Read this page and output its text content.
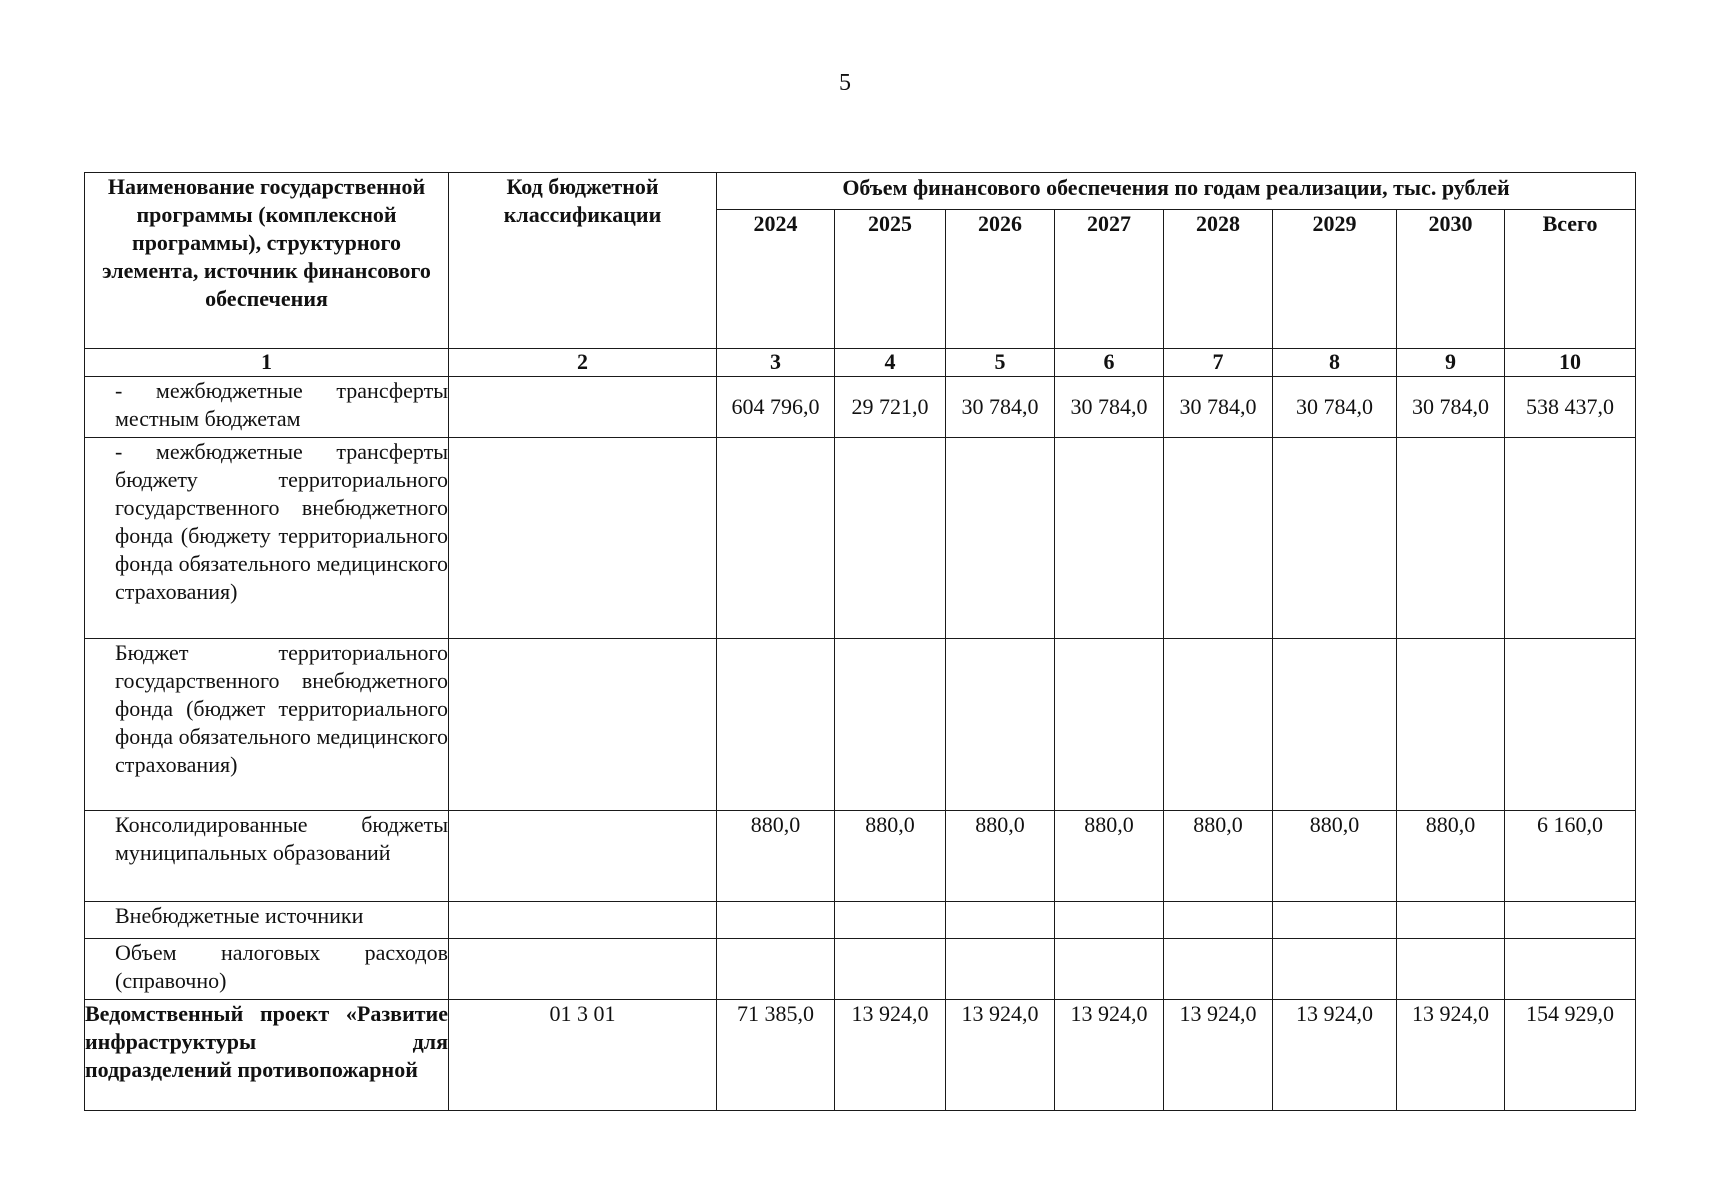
5
Наименование государственной программы (комплексной программы), структурного элемента, источник финансового обеспечения	Код бюджетной классификации	Объем финансового обеспечения по годам реализации, тыс. рублей							
		2024	2025	2026	2027	2028	2029	2030	Всего
1	2	3	4	5	6	7	8	9	10

- межбюджетные трансферты местным бюджетам		604 796,0	29 721,0	30 784,0	30 784,0	30 784,0	30 784,0	30 784,0	538 437,0

- межбюджетные трансферты бюджету территориального государственного внебюджетного фонда (бюджету территориального фонда обязательного медицинского страхования)									

Бюджет территориального государственного внебюджетного фонда (бюджет территориального фонда обязательного медицинского страхования)									

Консолидированные бюджеты муниципальных образований		880,0	880,0	880,0	880,0	880,0	880,0	880,0	6 160,0

Внебюджетные источники									

Объем налоговых расходов (справочно)									

Ведомственный проект «Развитие инфраструктуры для подразделений противопожарной	01 3 01	71 385,0	13 924,0	13 924,0	13 924,0	13 924,0	13 924,0	13 924,0	154 929,0
